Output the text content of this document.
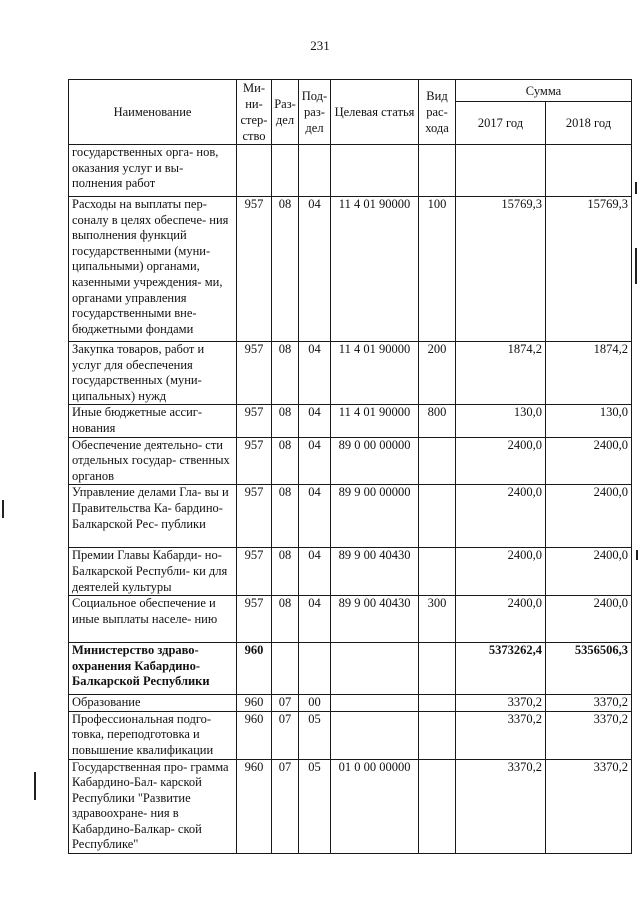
231
Наименование	Ми- ни- стер- ство	Раз- дел	Под- раз- дел	Целевая статья	Вид рас- хода	Сумма	
						2017 год	2018 год
государственных орга- нов, оказания услуг и вы- полнения работ							
Расходы на выплаты пер- соналу в целях обеспече- ния выполнения функций государственными (муни- ципальными) органами, казенными учреждения- ми, органами управления государственными вне- бюджетными фондами	957	08	04	11 4 01 90000	100	15769,3	15769,3
Закупка товаров, работ и услуг для обеспечения государственных (муни- ципальных) нужд	957	08	04	11 4 01 90000	200	1874,2	1874,2
Иные бюджетные ассиг- нования	957	08	04	11 4 01 90000	800	130,0	130,0
Обеспечение деятельно- сти отдельных государ- ственных органов	957	08	04	89 0 00 00000		2400,0	2400,0
Управление делами Гла- вы и Правительства Ка- бардино-Балкарской Рес- публики	957	08	04	89 9 00 00000		2400,0	2400,0
Премии Главы Кабарди- но-Балкарской Республи- ки для деятелей культуры	957	08	04	89 9 00 40430		2400,0	2400,0
Социальное обеспечение и иные выплаты населе- нию	957	08	04	89 9 00 40430	300	2400,0	2400,0
Министерство здраво- охранения Кабардино- Балкарской Республики	960					5373262,4	5356506,3
Образование	960	07	00			3370,2	3370,2
Профессиональная подго- товка, переподготовка и повышение квалификации	960	07	05			3370,2	3370,2
Государственная про- грамма Кабардино-Бал- карской Республики "Развитие здравоохране- ния в Кабардино-Балкар- ской Республике"	960	07	05	01 0 00 00000		3370,2	3370,2
